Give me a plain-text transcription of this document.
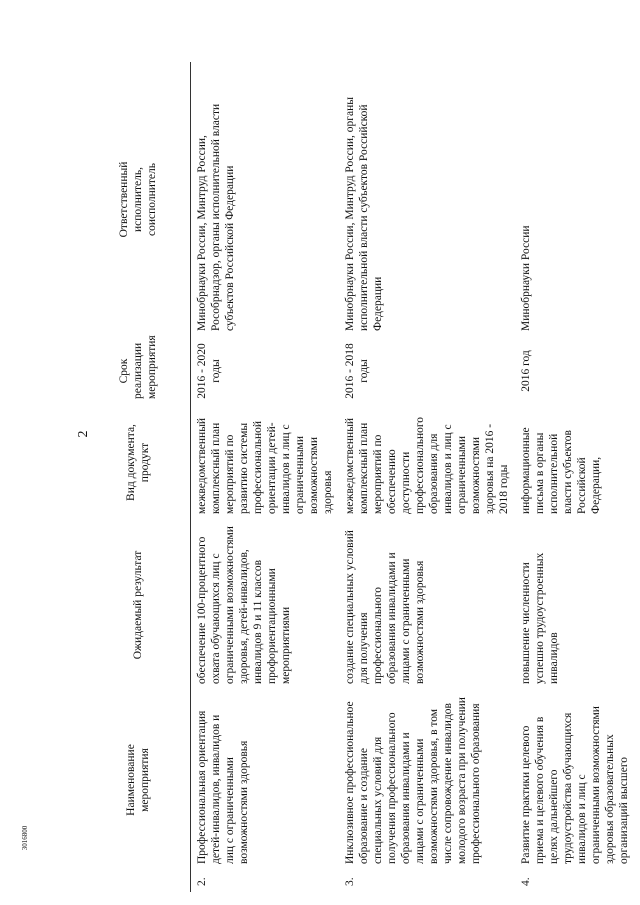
2
3016800
	Наименование
мероприятия	Ожидаемый результат	Вид документа,
продукт	Срок
реализации
мероприятия	Ответственный
исполнитель,
соисполнитель
2.	Профессиональная ориентация детей-инвалидов, инвалидов и лиц с ограниченными возможностями здоровья	обеспечение 100-процентного охвата обучающихся лиц с ограниченными возможностями здоровья, детей-инвалидов, инвалидов 9 и 11 классов профориентационными мероприятиями	межведомственный комплексный план мероприятий по развитию системы профессиональной ориентации детей-инвалидов и лиц с ограниченными возможностями здоровья	2016 - 2020 годы	Минобрнауки России, Минтруд России, Рособрнадзор, органы исполнительной власти субъектов Российской Федерации
3.	Инклюзивное профессиональное образование и создание специальных условий для получения профессионального образования инвалидами и лицами с ограниченными возможностями здоровья, в том числе сопровождение инвалидов молодого возраста при получении профессионального образования	создание специальных условий для получения профессионального образования инвалидами и лицами с ограниченными возможностями здоровья	межведомственный комплексный план мероприятий по обеспечению доступности профессионального образования для инвалидов и лиц с ограниченными возможностями здоровья на 2016 - 2018 годы	2016 - 2018 годы	Минобрнауки России, Минтруд России, органы исполнительной власти субъектов Российской Федерации
4.	Развитие практики целевого приема и целевого обучения в целях дальнейшего трудоустройства обучающихся инвалидов и лиц с ограниченными возможностями здоровья образовательных организаций высшего	повышение численности успешно трудоустроенных инвалидов	информационные письма в органы исполнительной власти субъектов Российской Федерации,	2016 год	Минобрнауки России
